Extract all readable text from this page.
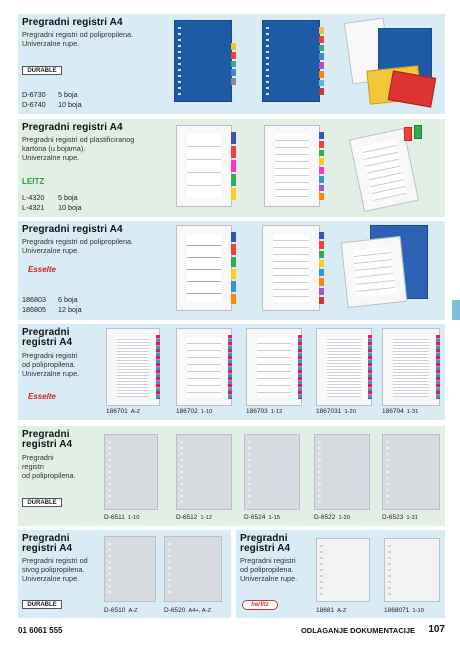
Pregradni registri A4
Pregradni registri od polipropilena.
Univerzalne rupe.
DURABLE
D-6730 5 boja
D-6740 10 boja
Pregradni registri A4
Pregradni registri od plastificiranog
kartona (u bojama).
Univerzalne rupe.
LEITZ
L-4320 5 boja
L-4321 10 boja
Pregradni registri A4
Pregradni registri od polipropilena.
Univerzalne rupe.
Esselte
186803 6 boja
186805 12 boja
Pregradni
registri A4
Pregradni registri
od polipropilena.
Univerzalne rupe.
Esselte
186701 A-Z	186702 1-10	186703 1-12	1867031 1-20	186704 1-31
Pregradni
registri A4
Pregradni
registri
od polipropilena.
DURABLE
D-6511 1-10	D-6512 1-12	D-6524 1-15	D-6522 1-20	D-6523 1-31
Pregradni
registri A4
Pregradni registri od
sivog polipropilena.
Univerzalne rupe.
DURABLE
D-6510 A-Z	D-6520 A4+, A-Z
Pregradni
registri A4
Pregradni registri
od polipropilena.
Univerzalne rupe.
herlitz
18681 A-Z	1868071 1-10
01 6061 555	ODLAGANJE DOKUMENTACIJE 107
